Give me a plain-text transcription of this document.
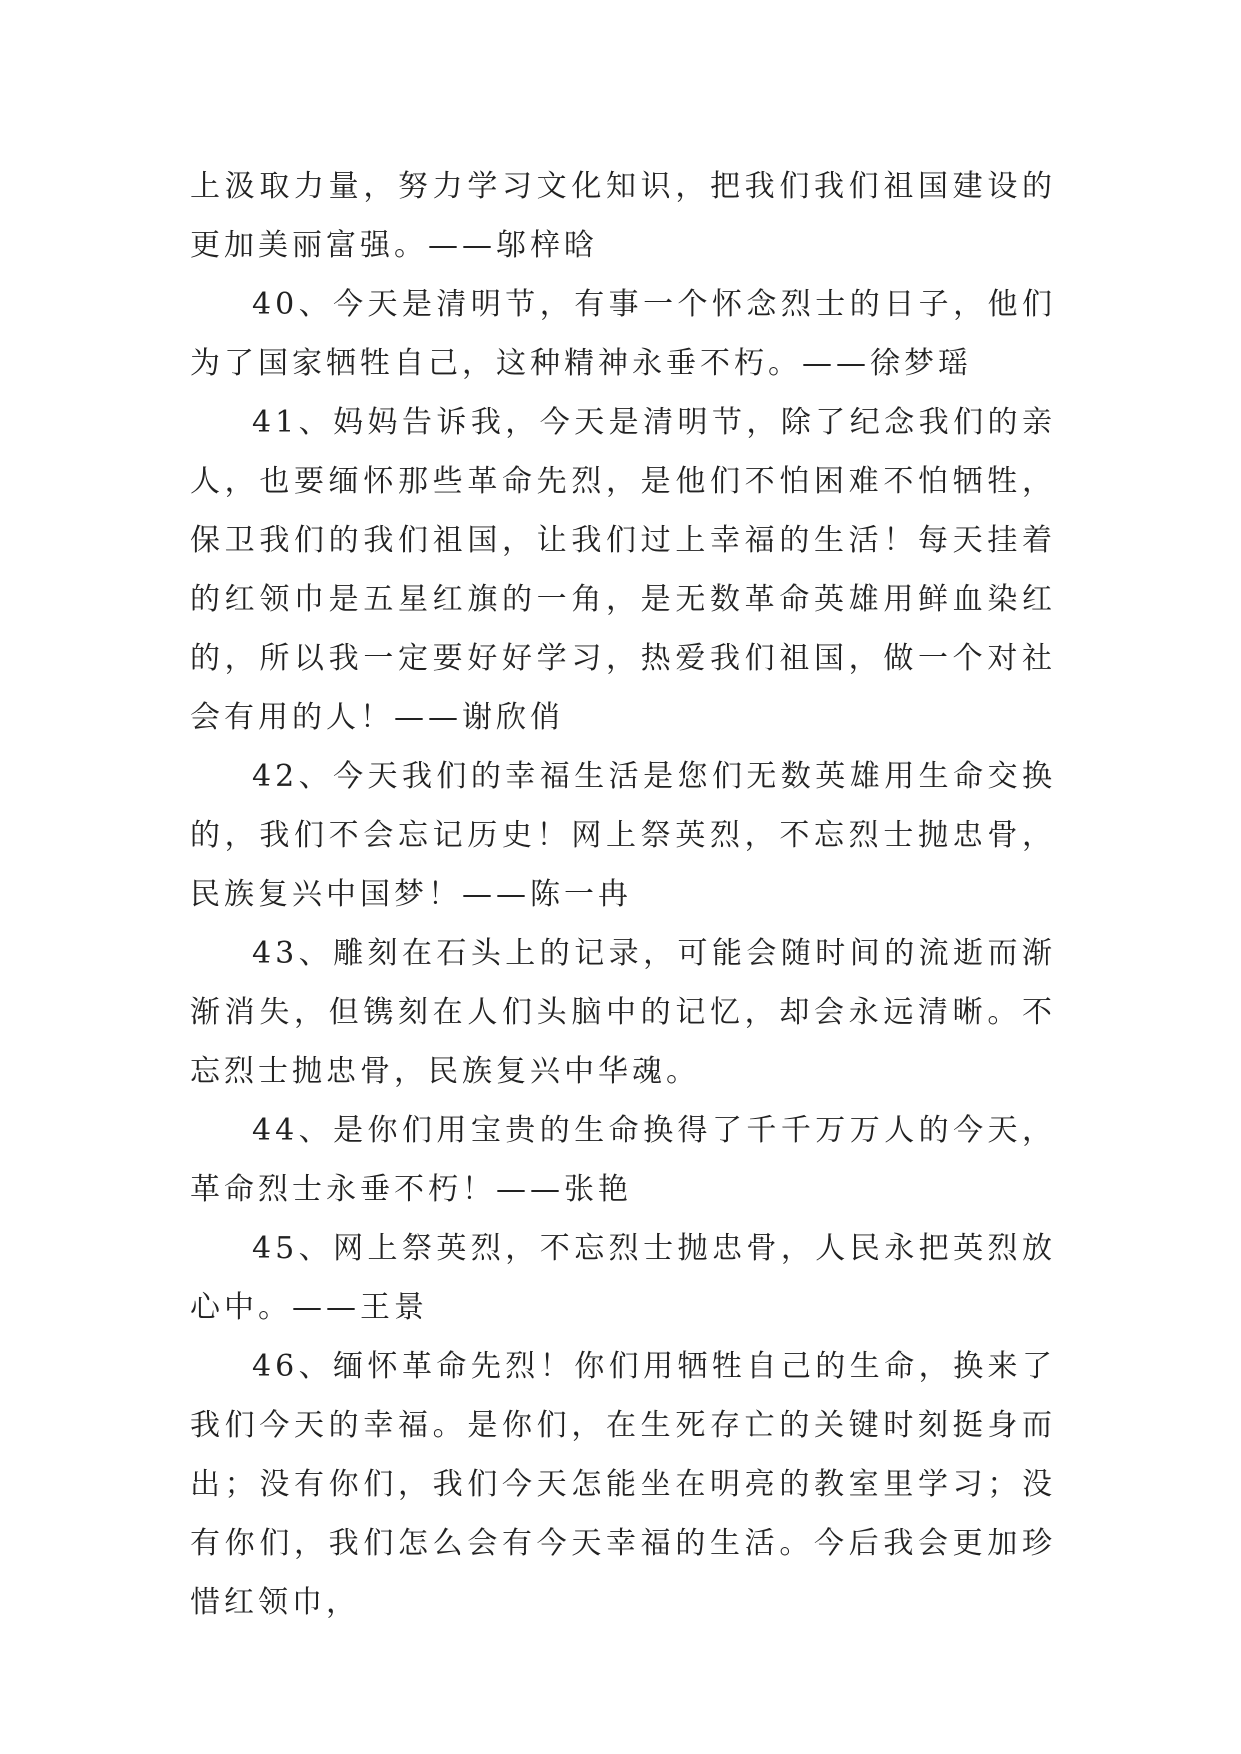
上汲取力量，努力学习文化知识，把我们我们祖国建设的更加美丽富强。——邬梓晗

40、今天是清明节，有事一个怀念烈士的日子，他们为了国家牺牲自己，这种精神永垂不朽。——徐梦瑶

41、妈妈告诉我，今天是清明节，除了纪念我们的亲人，也要缅怀那些革命先烈，是他们不怕困难不怕牺牲，保卫我们的我们祖国，让我们过上幸福的生活！每天挂着的红领巾是五星红旗的一角，是无数革命英雄用鲜血染红的，所以我一定要好好学习，热爱我们祖国，做一个对社会有用的人！——谢欣俏

42、今天我们的幸福生活是您们无数英雄用生命交换的，我们不会忘记历史！网上祭英烈，不忘烈士抛忠骨，民族复兴中国梦！——陈一冉

43、雕刻在石头上的记录，可能会随时间的流逝而渐渐消失，但镌刻在人们头脑中的记忆，却会永远清晰。不忘烈士抛忠骨，民族复兴中华魂。

44、是你们用宝贵的生命换得了千千万万人的今天，革命烈士永垂不朽！——张艳

45、网上祭英烈，不忘烈士抛忠骨，人民永把英烈放心中。——王景

46、缅怀革命先烈！你们用牺牲自己的生命，换来了我们今天的幸福。是你们，在生死存亡的关键时刻挺身而出；没有你们，我们今天怎能坐在明亮的教室里学习；没有你们，我们怎么会有今天幸福的生活。今后我会更加珍惜红领巾，
